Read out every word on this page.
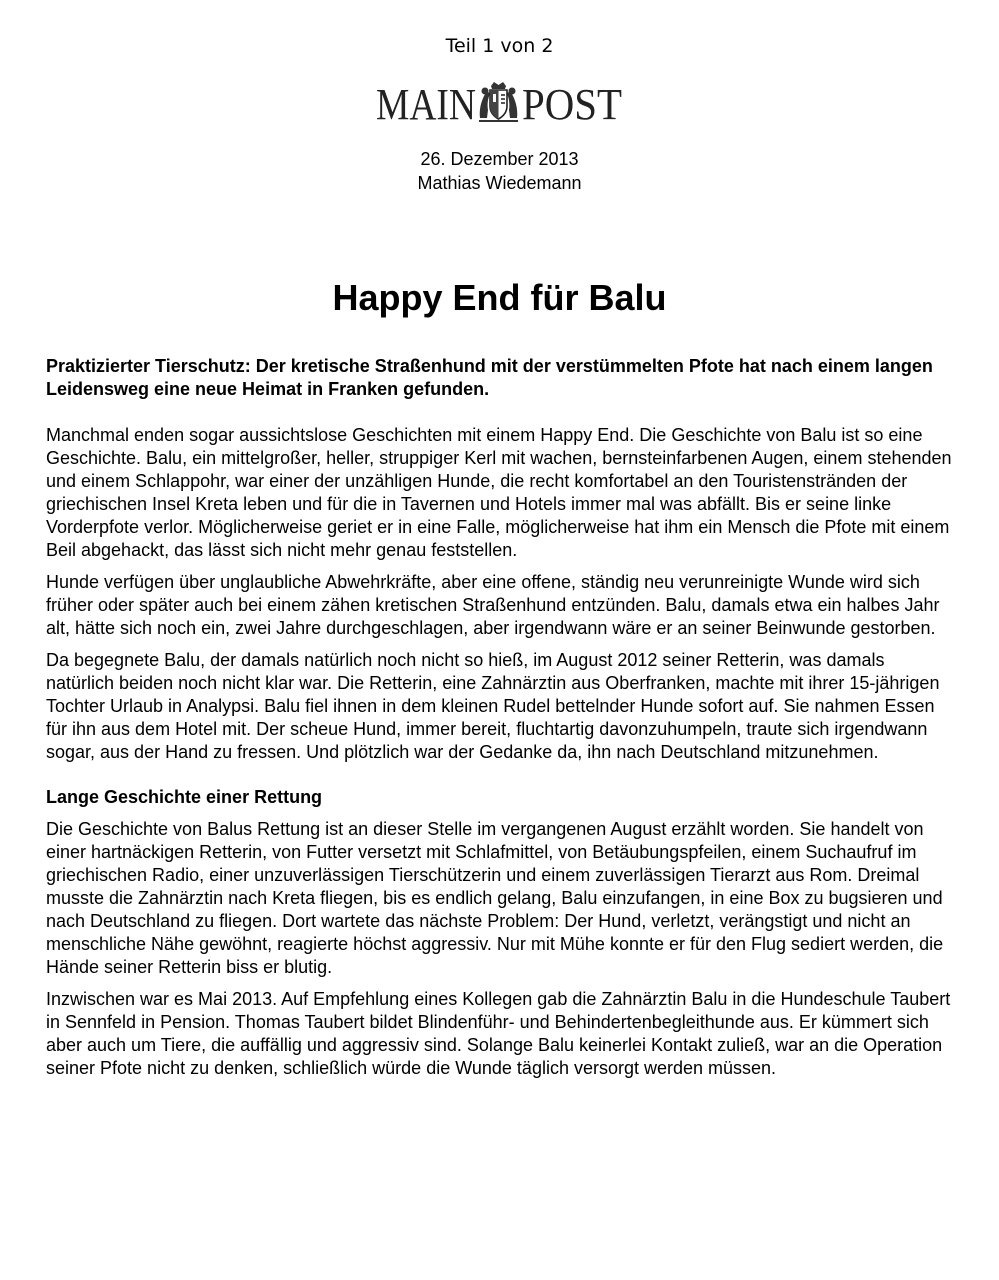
Teil 1 von 2
MAIN POST
26. Dezember 2013
Mathias Wiedemann
Happy End für Balu

Praktizierter Tierschutz: Der kretische Straßenhund mit der verstümmelten Pfote hat nach einem langen Leidensweg eine neue Heimat in Franken gefunden.

Manchmal enden sogar aussichtslose Geschichten mit einem Happy End. Die Geschichte von Balu ist so eine Geschichte. Balu, ein mittelgroßer, heller, struppiger Kerl mit wachen, bernsteinfarbenen Augen, einem stehenden und einem Schlappohr, war einer der unzähligen Hunde, die recht komfortabel an den Touristenstränden der griechischen Insel Kreta leben und für die in Tavernen und Hotels immer mal was abfällt. Bis er seine linke Vorderpfote verlor. Möglicherweise geriet er in eine Falle, möglicherweise hat ihm ein Mensch die Pfote mit einem Beil abgehackt, das lässt sich nicht mehr genau feststellen.

Hunde verfügen über unglaubliche Abwehrkräfte, aber eine offene, ständig neu verunreinigte Wunde wird sich früher oder später auch bei einem zähen kretischen Straßenhund entzünden. Balu, damals etwa ein halbes Jahr alt, hätte sich noch ein, zwei Jahre durchgeschlagen, aber irgendwann wäre er an seiner Beinwunde gestorben.

Da begegnete Balu, der damals natürlich noch nicht so hieß, im August 2012 seiner Retterin, was damals natürlich beiden noch nicht klar war. Die Retterin, eine Zahnärztin aus Oberfranken, machte mit ihrer 15-jährigen Tochter Urlaub in Analypsi. Balu fiel ihnen in dem kleinen Rudel bettelnder Hunde sofort auf. Sie nahmen Essen für ihn aus dem Hotel mit. Der scheue Hund, immer bereit, fluchtartig davonzuhumpeln, traute sich irgendwann sogar, aus der Hand zu fressen. Und plötzlich war der Gedanke da, ihn nach Deutschland mitzunehmen.

Lange Geschichte einer Rettung

Die Geschichte von Balus Rettung ist an dieser Stelle im vergangenen August erzählt worden. Sie handelt von einer hartnäckigen Retterin, von Futter versetzt mit Schlafmittel, von Betäubungspfeilen, einem Suchaufruf im griechischen Radio, einer unzuverlässigen Tierschützerin und einem zuverlässigen Tierarzt aus Rom. Dreimal musste die Zahnärztin nach Kreta fliegen, bis es endlich gelang, Balu einzufangen, in eine Box zu bugsieren und nach Deutschland zu fliegen. Dort wartete das nächste Problem: Der Hund, verletzt, verängstigt und nicht an menschliche Nähe gewöhnt, reagierte höchst aggressiv. Nur mit Mühe konnte er für den Flug sediert werden, die Hände seiner Retterin biss er blutig.

Inzwischen war es Mai 2013. Auf Empfehlung eines Kollegen gab die Zahnärztin Balu in die Hundeschule Taubert in Sennfeld in Pension. Thomas Taubert bildet Blindenführ- und Behindertenbegleithunde aus. Er kümmert sich aber auch um Tiere, die auffällig und aggressiv sind. Solange Balu keinerlei Kontakt zuließ, war an die Operation seiner Pfote nicht zu denken, schließlich würde die Wunde täglich versorgt werden müssen.
